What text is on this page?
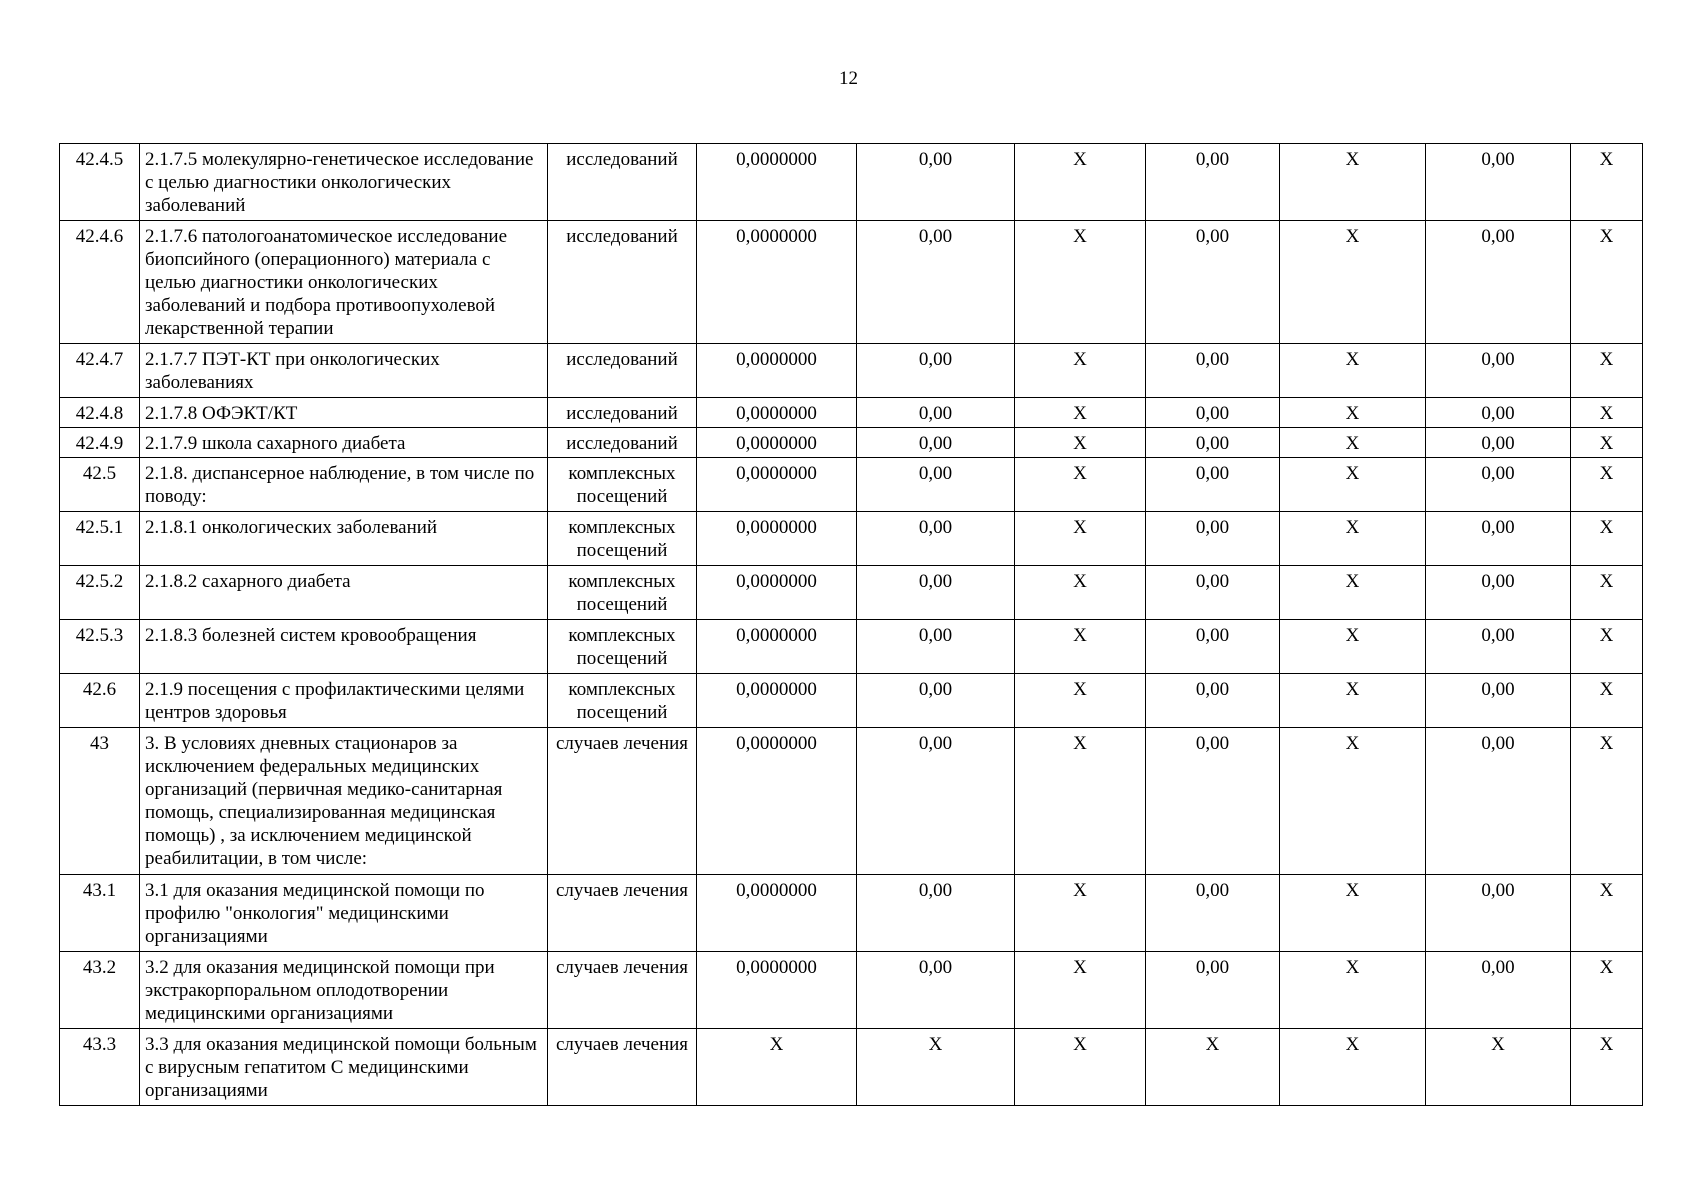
12
42.4.5	2.1.7.5 молекулярно-генетическое исследование с целью диагностики онкологических заболеваний	исследований	0,0000000	0,00	X	0,00	X	0,00	X
42.4.6	2.1.7.6 патологоанатомическое исследование биопсийного (операционного) материала с целью диагностики онкологических заболеваний и подбора противоопухолевой лекарственной терапии	исследований	0,0000000	0,00	X	0,00	X	0,00	X
42.4.7	2.1.7.7 ПЭТ-КТ при онкологических заболеваниях	исследований	0,0000000	0,00	X	0,00	X	0,00	X
42.4.8	2.1.7.8 ОФЭКТ/КТ	исследований	0,0000000	0,00	X	0,00	X	0,00	X
42.4.9	2.1.7.9 школа сахарного диабета	исследований	0,0000000	0,00	X	0,00	X	0,00	X
42.5	2.1.8. диспансерное наблюдение, в том числе по поводу:	комплексных посещений	0,0000000	0,00	X	0,00	X	0,00	X
42.5.1	2.1.8.1 онкологических заболеваний	комплексных посещений	0,0000000	0,00	X	0,00	X	0,00	X
42.5.2	2.1.8.2 сахарного диабета	комплексных посещений	0,0000000	0,00	X	0,00	X	0,00	X
42.5.3	2.1.8.3 болезней систем кровообращения	комплексных посещений	0,0000000	0,00	X	0,00	X	0,00	X
42.6	2.1.9 посещения с профилактическими целями центров здоровья	комплексных посещений	0,0000000	0,00	X	0,00	X	0,00	X
43	3. В условиях дневных стационаров за исключением федеральных медицинских организаций (первичная медико-санитарная помощь, специализированная медицинская помощь) , за исключением медицинской реабилитации, в том числе:	случаев лечения	0,0000000	0,00	X	0,00	X	0,00	X
43.1	3.1 для оказания медицинской помощи по профилю "онкология" медицинскими организациями	случаев лечения	0,0000000	0,00	X	0,00	X	0,00	X
43.2	3.2 для оказания медицинской помощи при экстракорпоральном оплодотворении медицинскими организациями	случаев лечения	0,0000000	0,00	X	0,00	X	0,00	X
43.3	3.3 для оказания медицинской помощи больным с вирусным гепатитом С медицинскими организациями	случаев лечения	X	X	X	X	X	X	X
